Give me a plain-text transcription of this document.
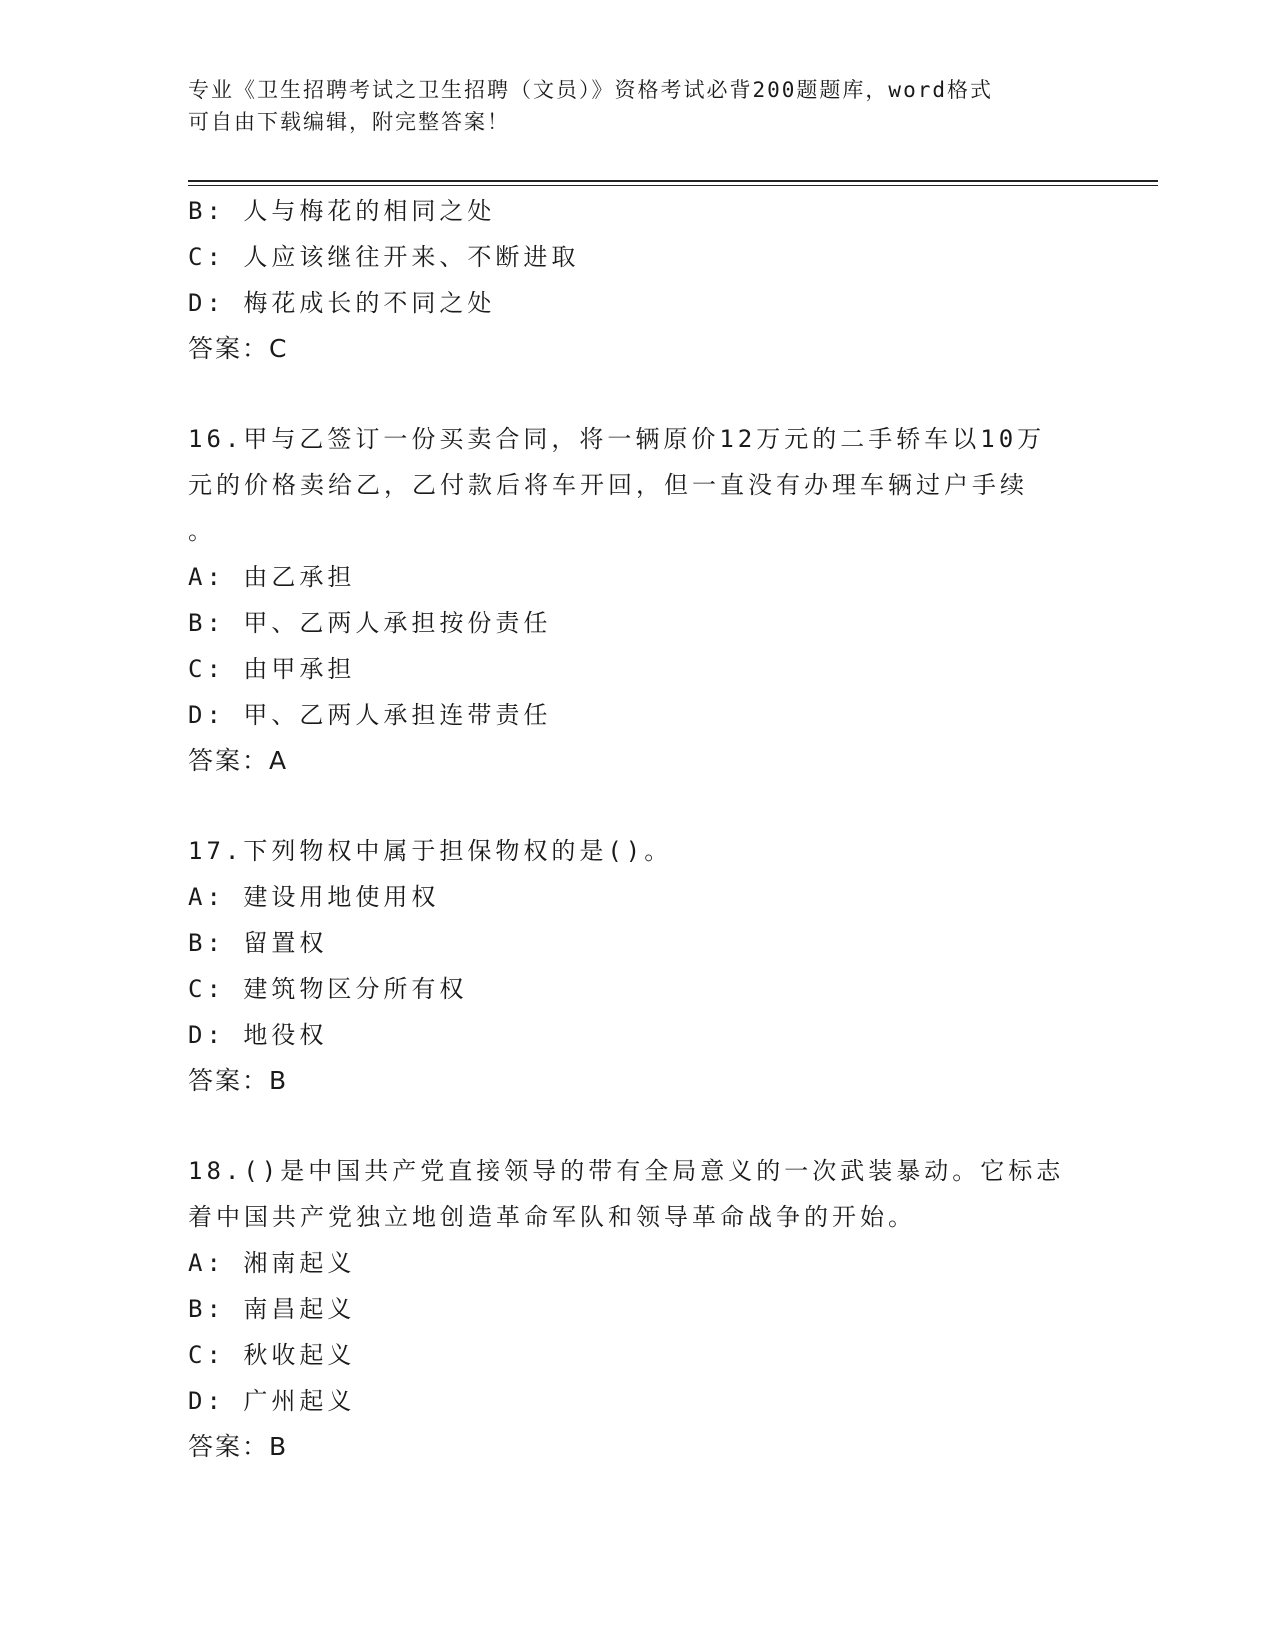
专业《卫生招聘考试之卫生招聘（文员）》资格考试必背200题题库，word格式
可自由下载编辑，附完整答案！
B: 人与梅花的相同之处
C: 人应该继往开来、不断进取
D: 梅花成长的不同之处
答案：C
16.甲与乙签订一份买卖合同，将一辆原价12万元的二手轿车以10万
元的价格卖给乙，乙付款后将车开回，但一直没有办理车辆过户手续
。
A: 由乙承担
B: 甲、乙两人承担按份责任
C: 由甲承担
D: 甲、乙两人承担连带责任
答案：A
17.下列物权中属于担保物权的是()。
A: 建设用地使用权
B: 留置权
C: 建筑物区分所有权
D: 地役权
答案：B
18.()是中国共产党直接领导的带有全局意义的一次武装暴动。它标志
着中国共产党独立地创造革命军队和领导革命战争的开始。
A: 湘南起义
B: 南昌起义
C: 秋收起义
D: 广州起义
答案：B
